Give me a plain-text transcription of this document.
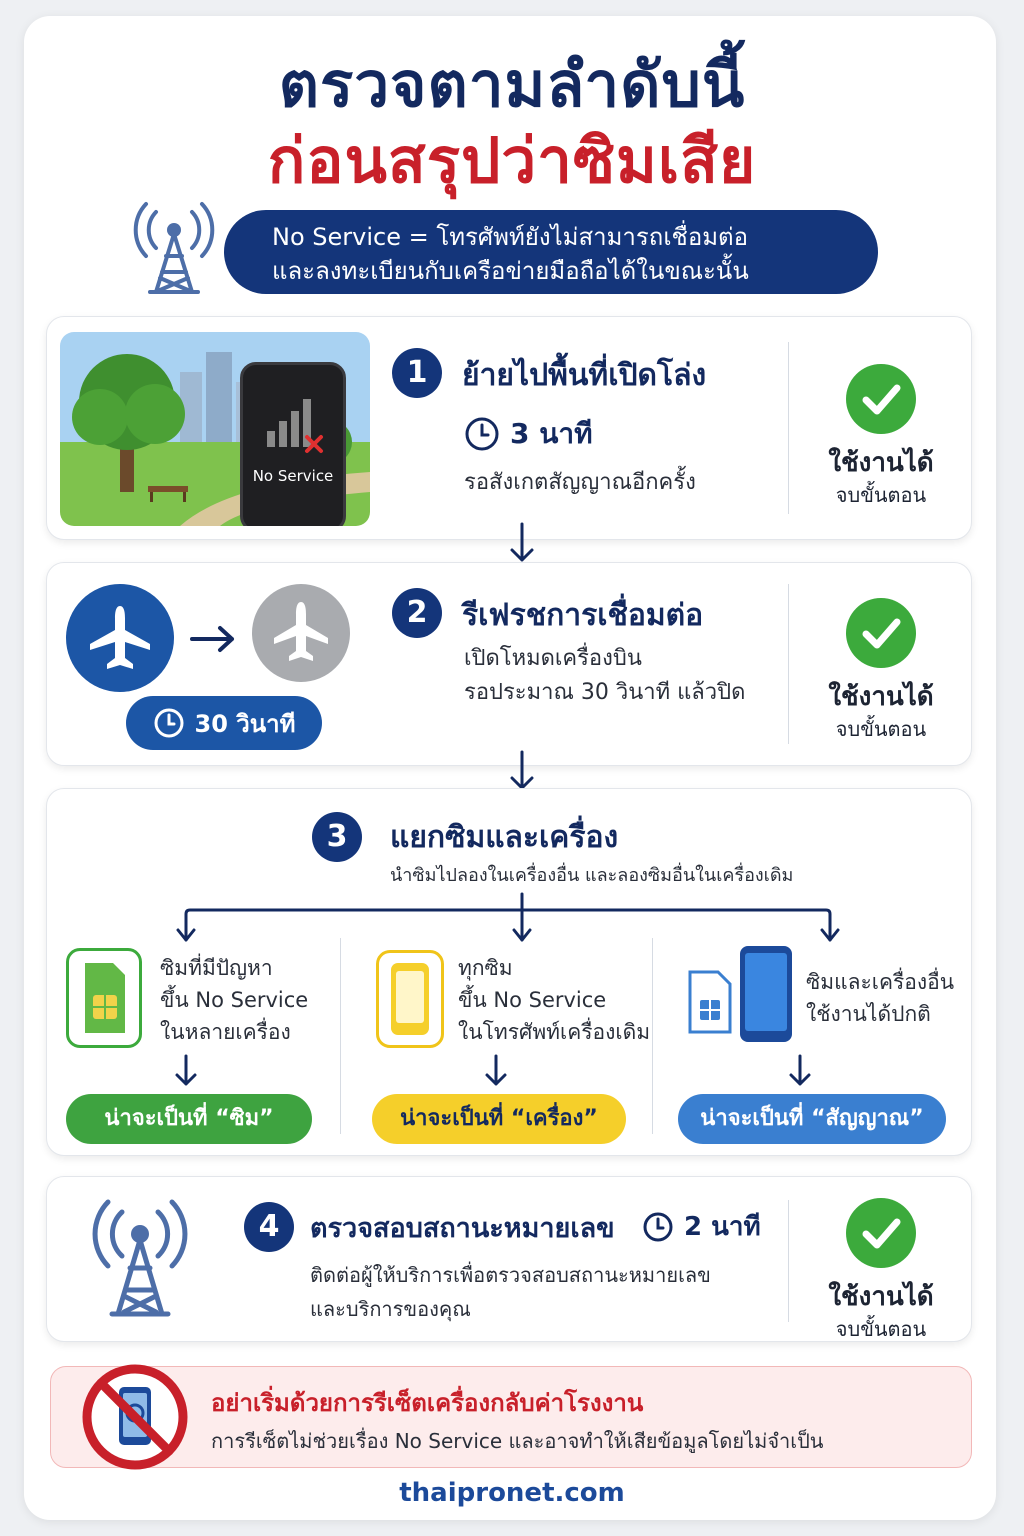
ตรวจตามลำดับนี้
ก่อนสรุปว่าซิมเสีย
No Service = โทรศัพท์ยังไม่สามารถเชื่อมต่อ
และลงทะเบียนกับเครือข่ายมือถือได้ในขณะนั้น
No Service
1	ย้ายไปพื้นที่เปิดโล่ง
3 นาที
รอสังเกตสัญญาณอีกครั้ง
ใช้งานได้
จบขั้นตอน
30 วินาที
2	รีเฟรชการเชื่อมต่อ
เปิดโหมดเครื่องบิน
รอประมาณ 30 วินาที แล้วปิด	ใช้งานได้
จบขั้นตอน
3	แยกซิมและเครื่อง
นำซิมไปลองในเครื่องอื่น และลองซิมอื่นในเครื่องเดิม
ซิมที่มีปัญหา
ขึ้น No Service
ในหลายเครื่อง
น่าจะเป็นที่ “ซิม”
ทุกซิม
ขึ้น No Service
ในโทรศัพท์เครื่องเดิม
น่าจะเป็นที่ “เครื่อง”
ซิมและเครื่องอื่น
ใช้งานได้ปกติ
น่าจะเป็นที่ “สัญญาณ”
4	ตรวจสอบสถานะหมายเลข	2 นาที
ติดต่อผู้ให้บริการเพื่อตรวจสอบสถานะหมายเลข
และบริการของคุณ	ใช้งานได้
จบขั้นตอน
อย่าเริ่มด้วยการรีเซ็ตเครื่องกลับค่าโรงงาน
การรีเซ็ตไม่ช่วยเรื่อง No Service และอาจทำให้เสียข้อมูลโดยไม่จำเป็น
thaipronet.com
